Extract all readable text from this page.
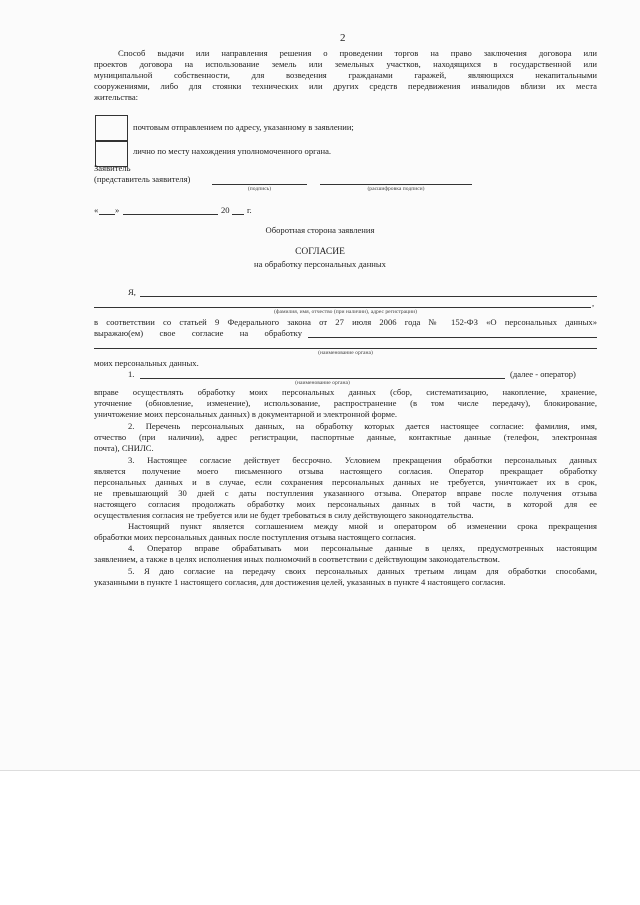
2
Способ выдачи или направления решения о проведении торгов на право заключения договора или
проектов договора на использование земель или земельных участков, находящихся в государственной или
муниципальной собственности, для возведения гражданами гаражей, являющихся некапитальными
сооружениями, либо для стоянки технических или других средств передвижения инвалидов вблизи их места
жительства:
почтовым отправлением по адресу, указанному в заявлении;
лично по месту нахождения уполномоченного органа.
Заявитель
(представитель заявителя)
(подпись)	(расшифровка подписи)
« »	20 г.
Оборотная сторона заявления
СОГЛАСИЕ
на обработку персональных данных
Я,
,
(фамилия, имя, отчество (при наличии), адрес регистрации)
в соответствии со статьей 9 Федерального закона от 27 июля 2006 года № 152-ФЗ «О персональных данных»
выражаю(ем) свое согласие на обработку
(наименование органа)
моих персональных данных.
1.	(далее - оператор)
(наименование органа)
вправе осуществлять обработку моих персональных данных (сбор, систематизацию, накопление, хранение,
уточнение (обновление, изменение), использование, распространение (в том числе передачу), блокирование,
уничтожение моих персональных данных) в документарной и электронной форме.
2. Перечень персональных данных, на обработку которых дается настоящее согласие: фамилия, имя,
отчество (при наличии), адрес регистрации, паспортные данные, контактные данные (телефон, электронная
почта), СНИЛС.
3. Настоящее согласие действует бессрочно. Условием прекращения обработки персональных данных
является получение моего письменного отзыва настоящего согласия. Оператор прекращает обработку
персональных данных и в случае, если сохранения персональных данных не требуется, уничтожает их в срок,
не превышающий 30 дней с даты поступления указанного отзыва. Оператор вправе после получения отзыва
настоящего согласия продолжать обработку моих персональных данных в той части, в которой для ее
осуществления согласия не требуется или не будет требоваться в силу действующего законодательства.
Настоящий пункт является соглашением между мной и оператором об изменении срока прекращения
обработки моих персональных данных после поступления отзыва настоящего согласия.
4. Оператор вправе обрабатывать мои персональные данные в целях, предусмотренных настоящим
заявлением, а также в целях исполнения иных полномочий в соответствии с действующим законодательством.
5. Я даю согласие на передачу своих персональных данных третьим лицам для обработки способами,
указанными в пункте 1 настоящего согласия, для достижения целей, указанных в пункте 4 настоящего согласия.
